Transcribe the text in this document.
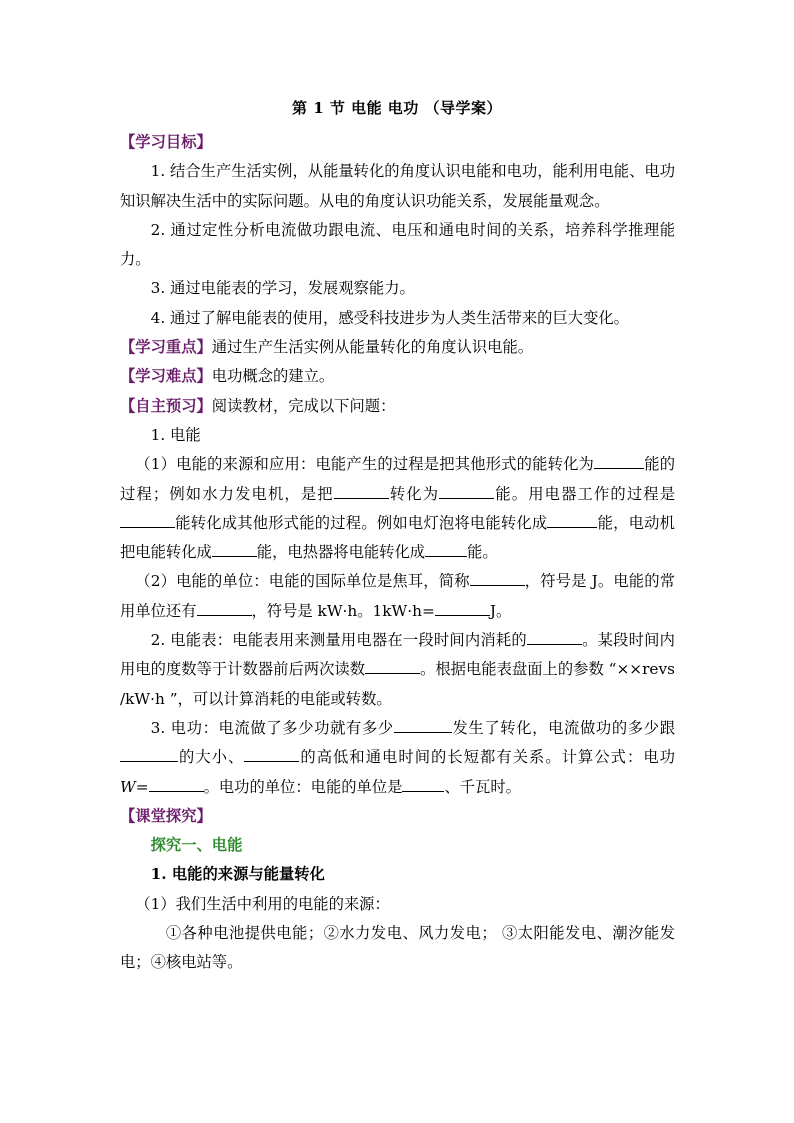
第 1 节 电能 电功 （导学案）

【学习目标】

1. 结合生产生活实例，从能量转化的角度认识电能和电功，能利用电能、电功知识解决生活中的实际问题。从电的角度认识功能关系，发展能量观念。

2. 通过定性分析电流做功跟电流、电压和通电时间的关系，培养科学推理能力。

3. 通过电能表的学习，发展观察能力。

4. 通过了解电能表的使用，感受科技进步为人类生活带来的巨大变化。

【学习重点】通过生产生活实例从能量转化的角度认识电能。

【学习难点】电功概念的建立。

【自主预习】阅读教材，完成以下问题：

1. 电能

（1）电能的来源和应用：电能产生的过程是把其他形式的能转化为	能的过程；例如水力发电机，是把	转化为	能。用电器工作的过程是能转化成其他形式能的过程。例如电灯泡将电能转化成	能，电动机把电能转化成	能，电热器将电能转化成	能。

（2）电能的单位：电能的国际单位是焦耳，简称	，符号是 J。电能的常用单位还有	，符号是 kW·h。1kW·h=	J。

2. 电能表：电能表用来测量用电器在一段时间内消耗的	。某段时间内用电的度数等于计数器前后两次读数	。根据电能表盘面上的参数 “××revs /kW·h ”，可以计算消耗的电能或转数。

3. 电功：电流做了多少功就有多少	发生了转化，电流做功的多少跟的大小、	的高低和通电时间的长短都有关系。计算公式：电功 W=	。电功的单位：电能的单位是	、千瓦时。

【课堂探究】

探究一、电能

1. 电能的来源与能量转化

（1）我们生活中利用的电能的来源：

①各种电池提供电能；②水力发电、风力发电； ③太阳能发电、潮汐能发电；④核电站等。
